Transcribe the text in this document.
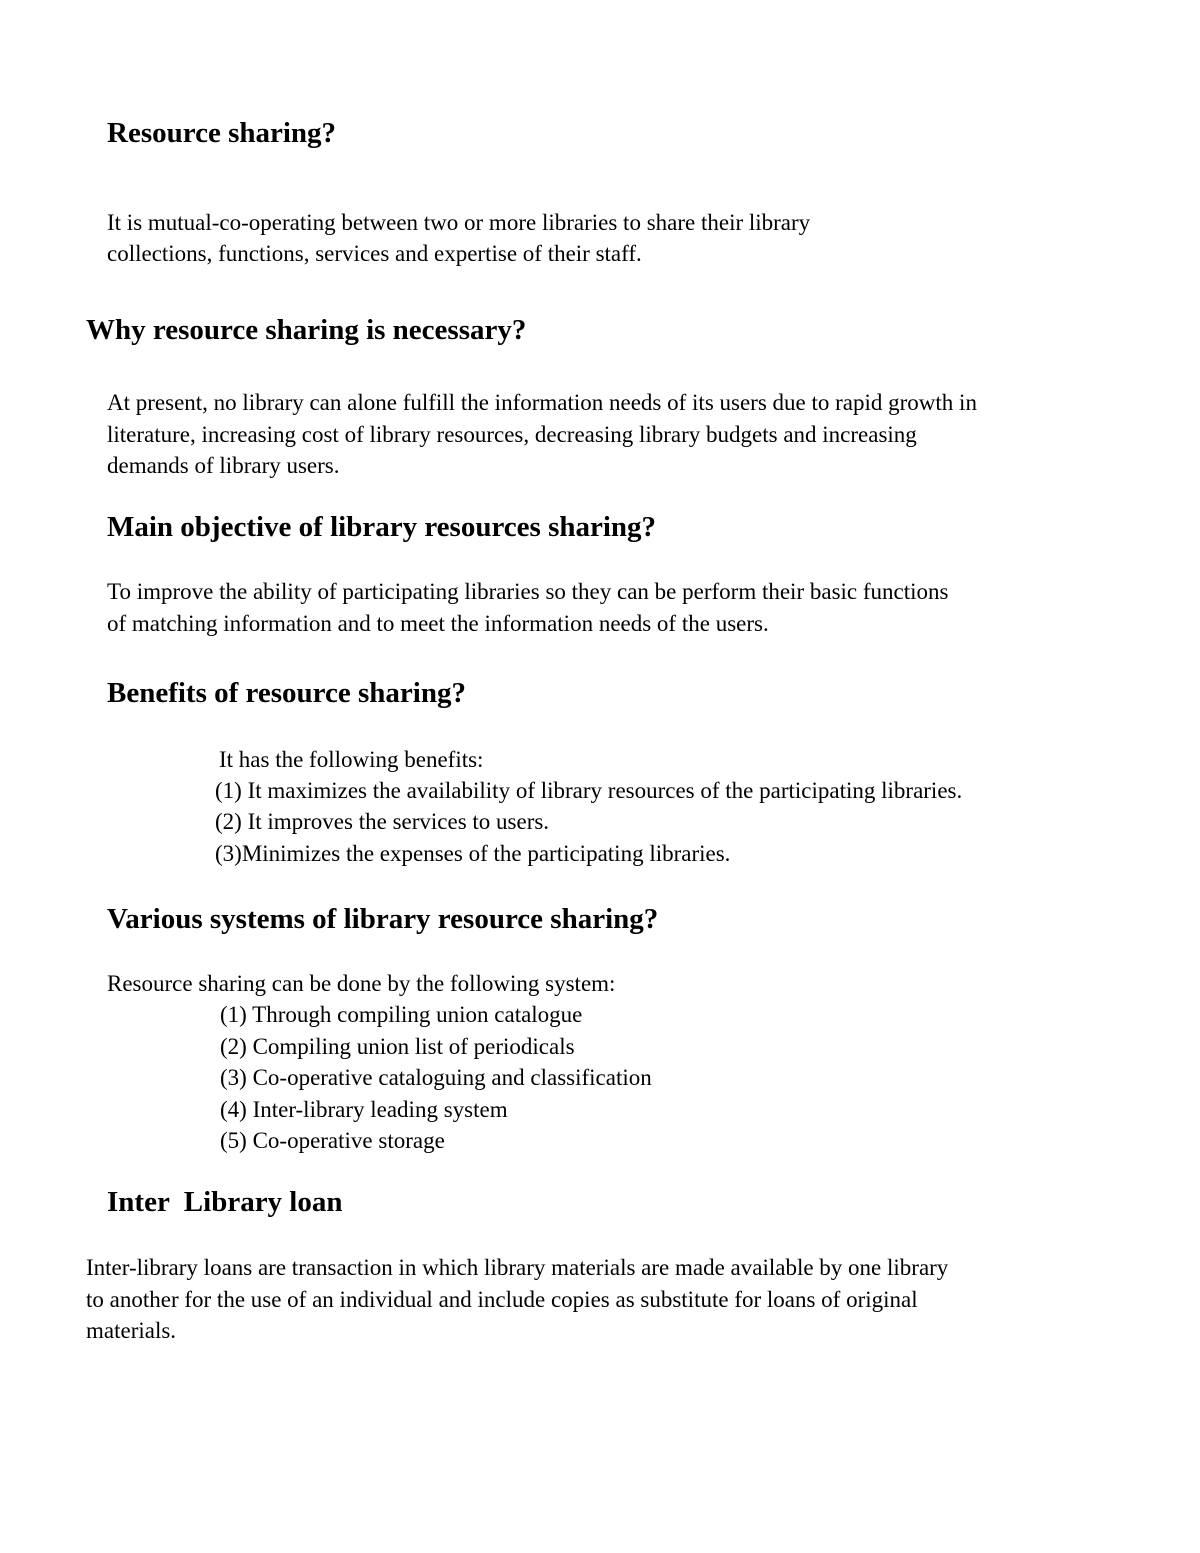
Resource sharing?

It is mutual-co-operating between two or more libraries to share their library

collections, functions, services and expertise of their staff.

Why resource sharing is necessary?

At present, no library can alone fulfill the information needs of its users due to rapid growth in

literature, increasing cost of library resources, decreasing library budgets and increasing

demands of library users.

Main objective of library resources sharing?

To improve the ability of participating libraries so they can be perform their basic functions

of matching information and to meet the information needs of the users.

Benefits of resource sharing?

It has the following benefits:

(1) It maximizes the availability of library resources of the participating libraries.

(2) It improves the services to users.

(3)Minimizes the expenses of the participating libraries.

Various systems of library resource sharing?

Resource sharing can be done by the following system:

(1) Through compiling union catalogue

(2) Compiling union list of periodicals

(3) Co-operative cataloguing and classification

(4) Inter-library leading system

(5) Co-operative storage

Inter  Library loan

Inter-library loans are transaction in which library materials are made available by one library

to another for the use of an individual and include copies as substitute for loans of original

materials.
